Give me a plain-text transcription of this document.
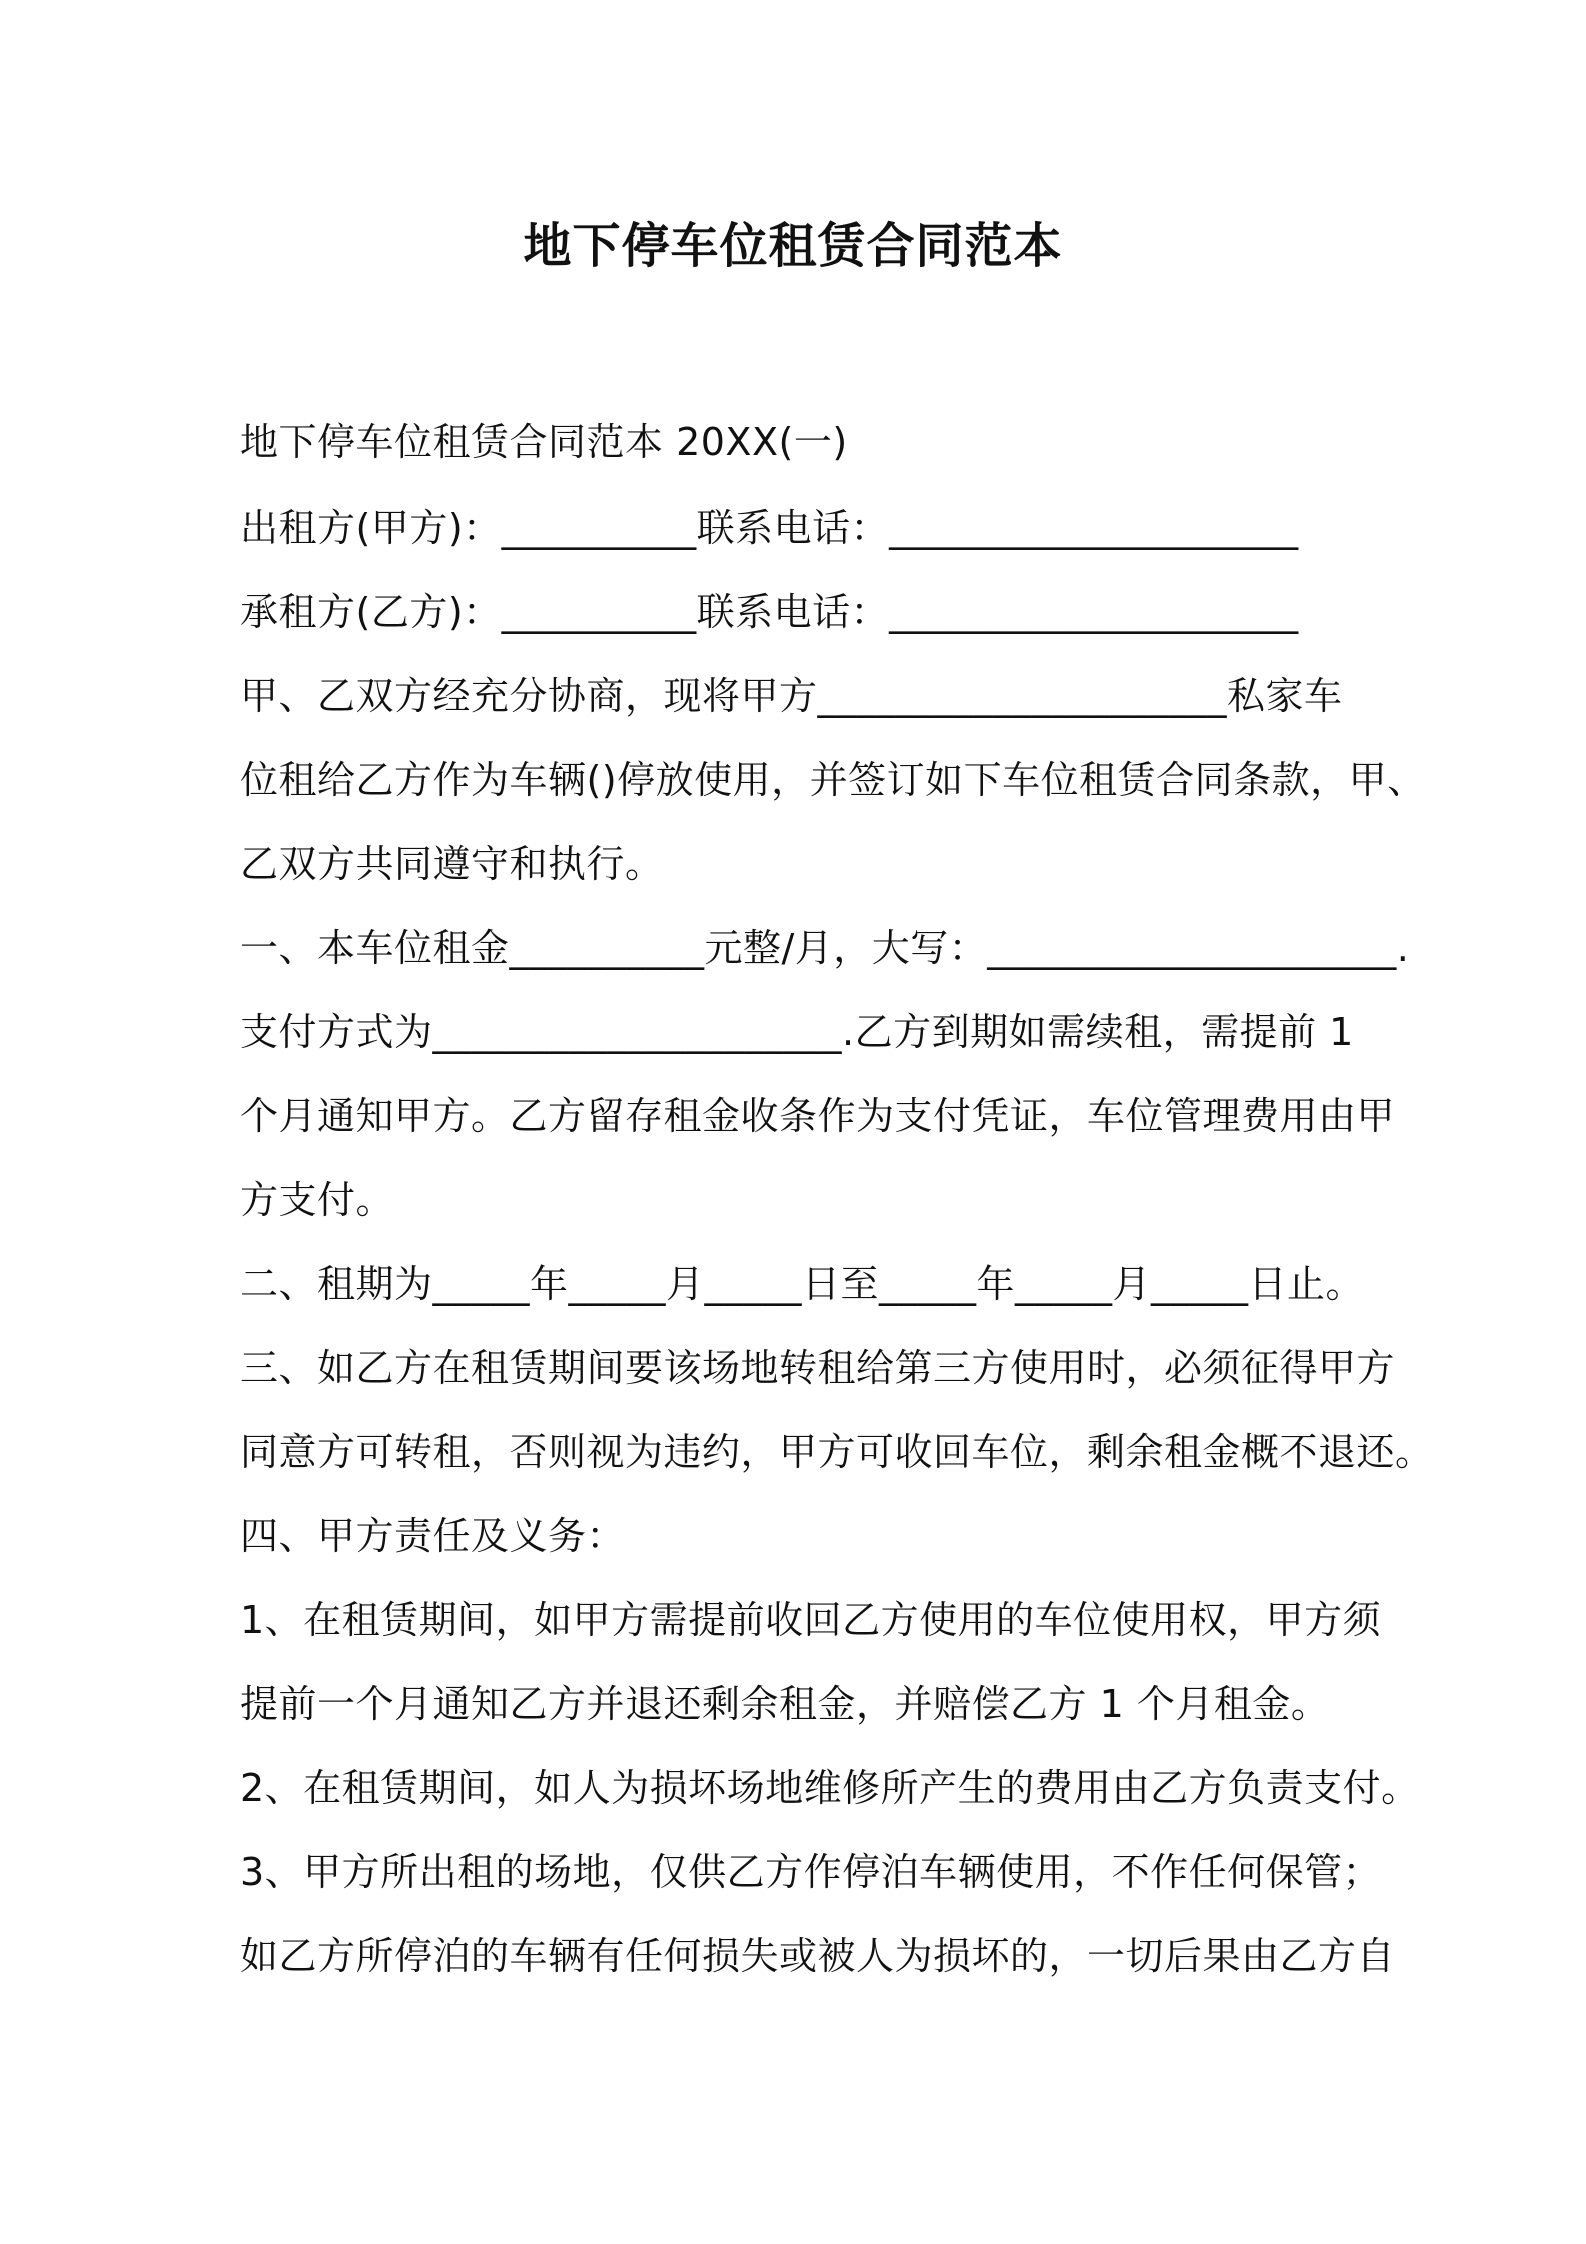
地下停车位租赁合同范本
地下停车位租赁合同范本 20XX(一)
出租方(甲方)：__________联系电话：_____________________
承租方(乙方)：__________联系电话：_____________________
甲、乙双方经充分协商，现将甲方_____________________私家车
位租给乙方作为车辆()停放使用，并签订如下车位租赁合同条款，甲、
乙双方共同遵守和执行。
一、本车位租金__________元整/月，大写：_____________________.
支付方式为_____________________.乙方到期如需续租，需提前 1
个月通知甲方。乙方留存租金收条作为支付凭证，车位管理费用由甲
方支付。
二、租期为_____年_____月_____日至_____年_____月_____日止。
三、如乙方在租赁期间要该场地转租给第三方使用时，必须征得甲方
同意方可转租，否则视为违约，甲方可收回车位，剩余租金概不退还。
四、甲方责任及义务：
1、在租赁期间，如甲方需提前收回乙方使用的车位使用权，甲方须
提前一个月通知乙方并退还剩余租金，并赔偿乙方 1 个月租金。
2、在租赁期间，如人为损坏场地维修所产生的费用由乙方负责支付。
3、甲方所出租的场地，仅供乙方作停泊车辆使用，不作任何保管；
如乙方所停泊的车辆有任何损失或被人为损坏的，一切后果由乙方自
